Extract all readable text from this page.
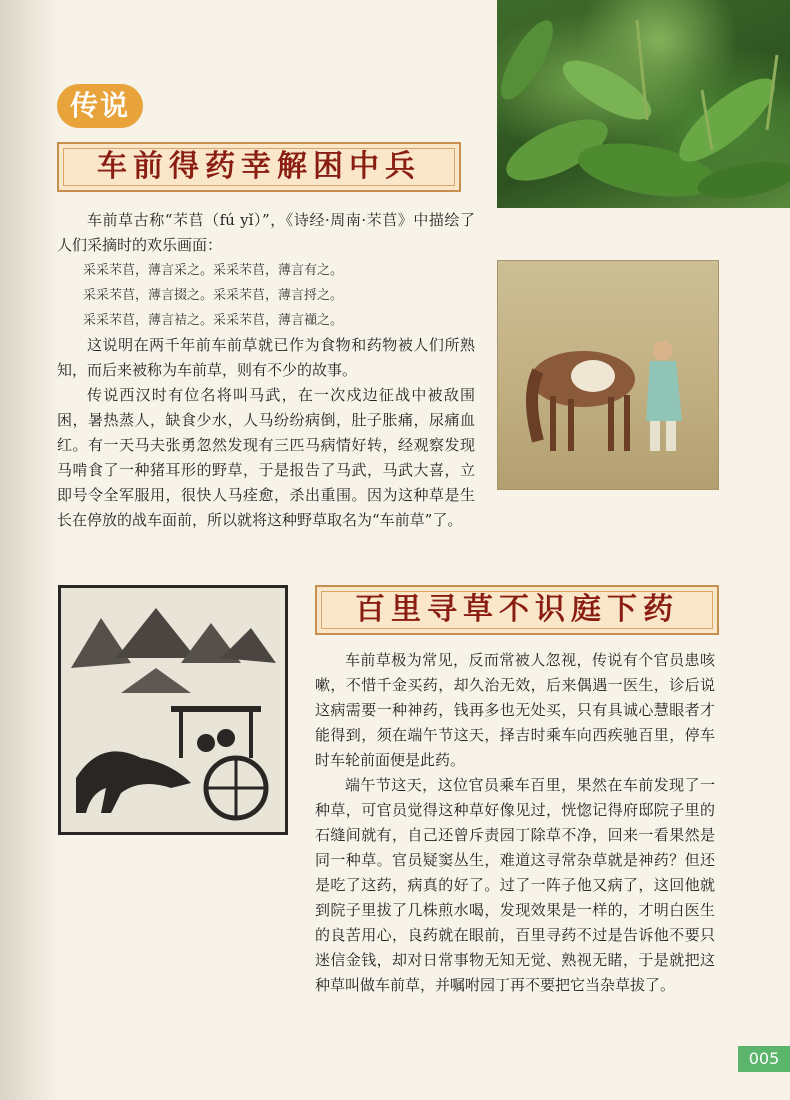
传说
车前得药幸解困中兵

车前草古称“芣苢（fú yǐ）”，《诗经·周南·芣苢》中描绘了人们采摘时的欢乐画面：

采采芣苢，薄言采之。采采芣苢，薄言有之。

采采芣苢，薄言掇之。采采芣苢，薄言捋之。

采采芣苢，薄言袺之。采采芣苢，薄言襭之。

这说明在两千年前车前草就已作为食物和药物被人们所熟知，而后来被称为车前草，则有不少的故事。

传说西汉时有位名将叫马武，在一次戍边征战中被敌围困，暑热蒸人，缺食少水，人马纷纷病倒，肚子胀痛，尿痛血红。有一天马夫张勇忽然发现有三匹马病情好转，经观察发现马啃食了一种猪耳形的野草，于是报告了马武，马武大喜，立即号令全军服用，很快人马痊愈，杀出重围。因为这种草是生长在停放的战车面前，所以就将这种野草取名为“车前草”了。

百里寻草不识庭下药

车前草极为常见，反而常被人忽视，传说有个官员患咳嗽，不惜千金买药，却久治无效，后来偶遇一医生，诊后说这病需要一种神药，钱再多也无处买，只有具诚心慧眼者才能得到，须在端午节这天，择吉时乘车向西疾驰百里，停车时车轮前面便是此药。

端午节这天，这位官员乘车百里，果然在车前发现了一种草，可官员觉得这种草好像见过，恍惚记得府邸院子里的石缝间就有，自己还曾斥责园丁除草不净，回来一看果然是同一种草。官员疑窦丛生，难道这寻常杂草就是神药？但还是吃了这药，病真的好了。过了一阵子他又病了，这回他就到院子里拔了几株煎水喝，发现效果是一样的，才明白医生的良苦用心，良药就在眼前，百里寻药不过是告诉他不要只迷信金钱，却对日常事物无知无觉、熟视无睹，于是就把这种草叫做车前草，并嘱咐园丁再不要把它当杂草拔了。

005
